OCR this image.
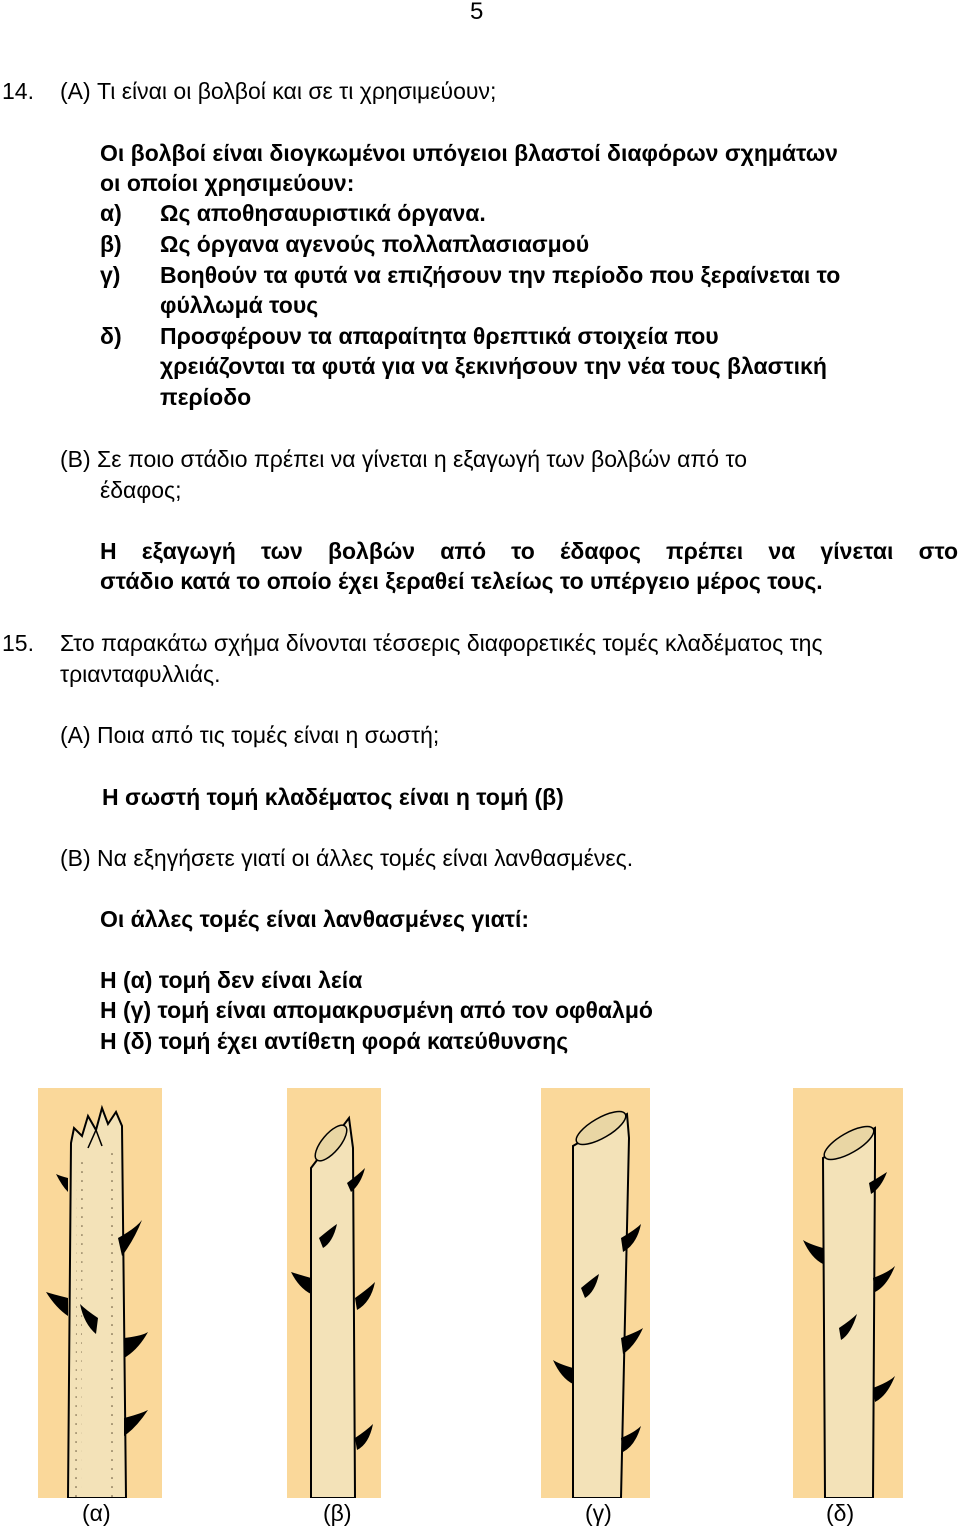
5
14. (A) Τι είναι οι βολβοί και σε τι χρησιμεύουν;
Οι βολβοί είναι διογκωμένοι υπόγειοι βλαστοί διαφόρων σχημάτων
οι οποίοι χρησιμεύουν:
α) Ως αποθησαυριστικά όργανα.
β) Ως όργανα αγενούς πολλαπλασιασμού
γ) Βοηθούν τα φυτά να επιζήσουν την περίοδο που ξεραίνεται το
φύλλωμά τους
δ) Προσφέρουν τα απαραίτητα θρεπτικά στοιχεία που
χρειάζονται τα φυτά για να ξεκινήσουν την νέα τους βλαστική
περίοδο
(B) Σε ποιο στάδιο πρέπει να γίνεται η εξαγωγή των βολβών από το
έδαφος;
Η εξαγωγή των βολβών από το έδαφος πρέπει να γίνεται στο
στάδιο κατά το οποίο έχει ξεραθεί τελείως το υπέργειο μέρος τους.
15. Στο παρακάτω σχήμα δίνονται τέσσερις διαφορετικές τομές κλαδέματος της
τριανταφυλλιάς.
(A) Ποια από τις τομές είναι η σωστή;
Η σωστή τομή κλαδέματος είναι η τομή (β)
(B) Να εξηγήσετε γιατί οι άλλες τομές είναι λανθασμένες.
Οι άλλες τομές είναι λανθασμένες γιατί:
Η (α) τομή δεν είναι λεία
Η (γ) τομή είναι απομακρυσμένη από τον οφθαλμό
Η (δ) τομή έχει αντίθετη φορά κατεύθυνσης
(α)	(β)	(γ)	(δ)
